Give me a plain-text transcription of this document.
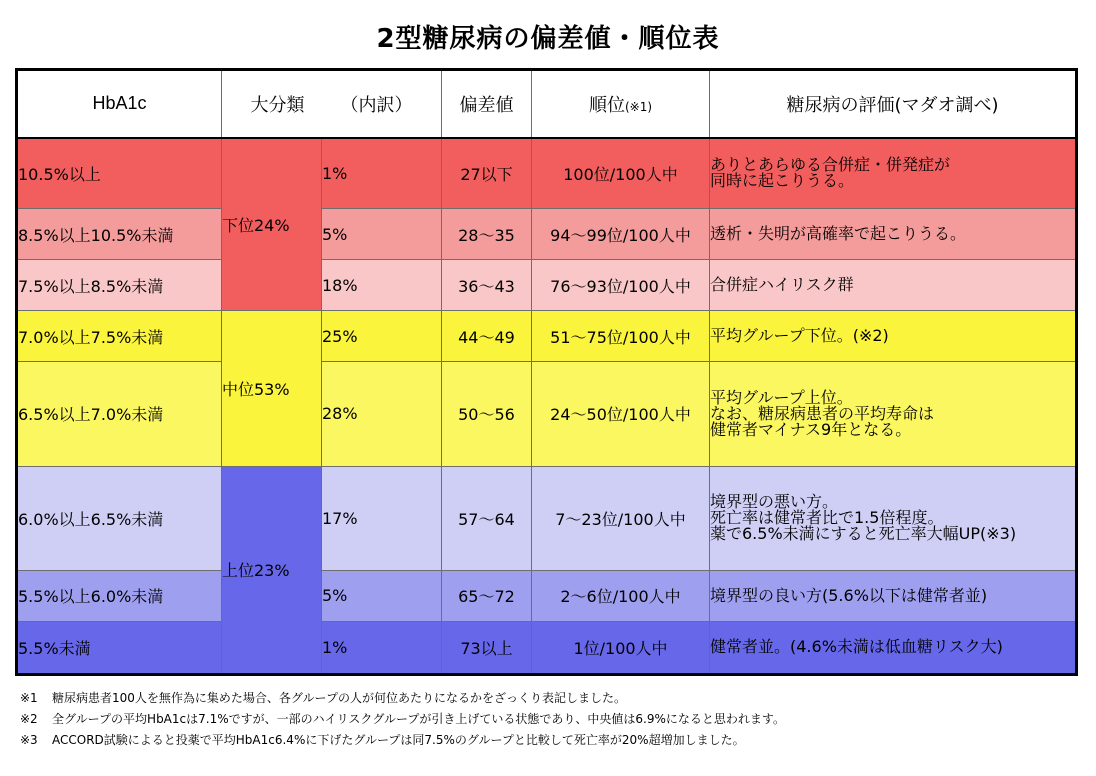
2型糖尿病の偏差値・順位表
HbA1c	大分類 （内訳）		偏差値	順位(※1)	糖尿病の評価(マダオ調べ)
10.5%以上	下位24%	1%	27以下	100位/100人中	ありとあらゆる合併症・併発症が
同時に起こりうる。

8.5%以上10.5%未満		5%	28～35	94～99位/100人中	透析・失明が高確率で起こりうる。

7.5%以上8.5%未満		18%	36～43	76～93位/100人中	合併症ハイリスク群

7.0%以上7.5%未満	中位53%	25%	44～49	51～75位/100人中	平均グループ下位。(※2)

6.5%以上7.0%未満		28%	50～56	24～50位/100人中	平均グループ上位。
なお、糖尿病患者の平均寿命は
健常者マイナス9年となる。

6.0%以上6.5%未満	上位23%	17%	57～64	7～23位/100人中	境界型の悪い方。
死亡率は健常者比で1.5倍程度。
薬で6.5%未満にすると死亡率大幅UP(※3)

5.5%以上6.0%未満		5%	65～72	2～6位/100人中	境界型の良い方(5.6%以下は健常者並)

5.5%未満		1%	73以上	1位/100人中	健常者並。(4.6%未満は低血糖リスク大)
※1 糖尿病患者100人を無作為に集めた場合、各グループの人が何位あたりになるかをざっくり表記しました。
※2 全グループの平均HbA1cは7.1%ですが、一部のハイリスクグループが引き上げている状態であり、中央値は6.9%になると思われます。
※3 ACCORD試験によると投薬で平均HbA1c6.4%に下げたグループは同7.5%のグループと比較して死亡率が20%超増加しました。
